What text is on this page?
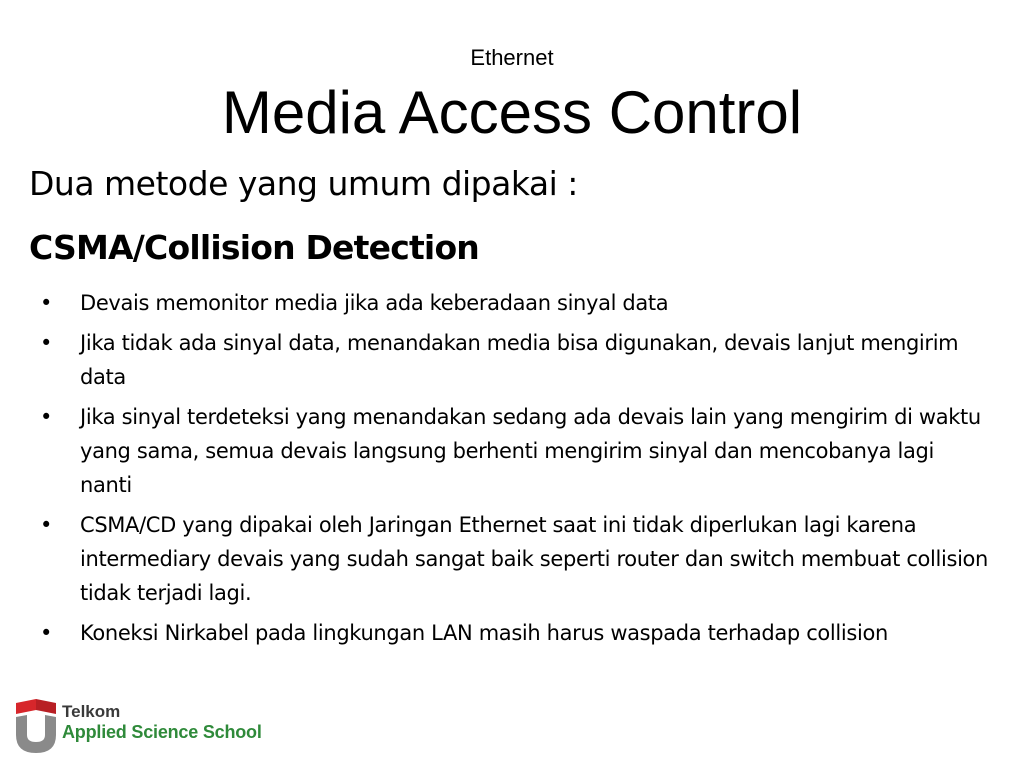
Ethernet
Media Access Control
Dua metode yang umum dipakai :
CSMA/Collision Detection
•	Devais memonitor media jika ada keberadaan sinyal data
•	Jika tidak ada sinyal data, menandakan media bisa digunakan, devais lanjut mengirim data
•	Jika sinyal terdeteksi yang menandakan sedang ada devais lain yang mengirim di waktu yang sama, semua devais langsung berhenti mengirim sinyal dan mencobanya lagi nanti
•	CSMA/CD yang dipakai oleh Jaringan Ethernet saat ini tidak diperlukan lagi karena intermediary devais yang sudah sangat baik seperti router dan switch membuat collision tidak terjadi lagi.
•	Koneksi Nirkabel pada lingkungan LAN masih harus waspada terhadap collision
Telkom
Applied Science School
